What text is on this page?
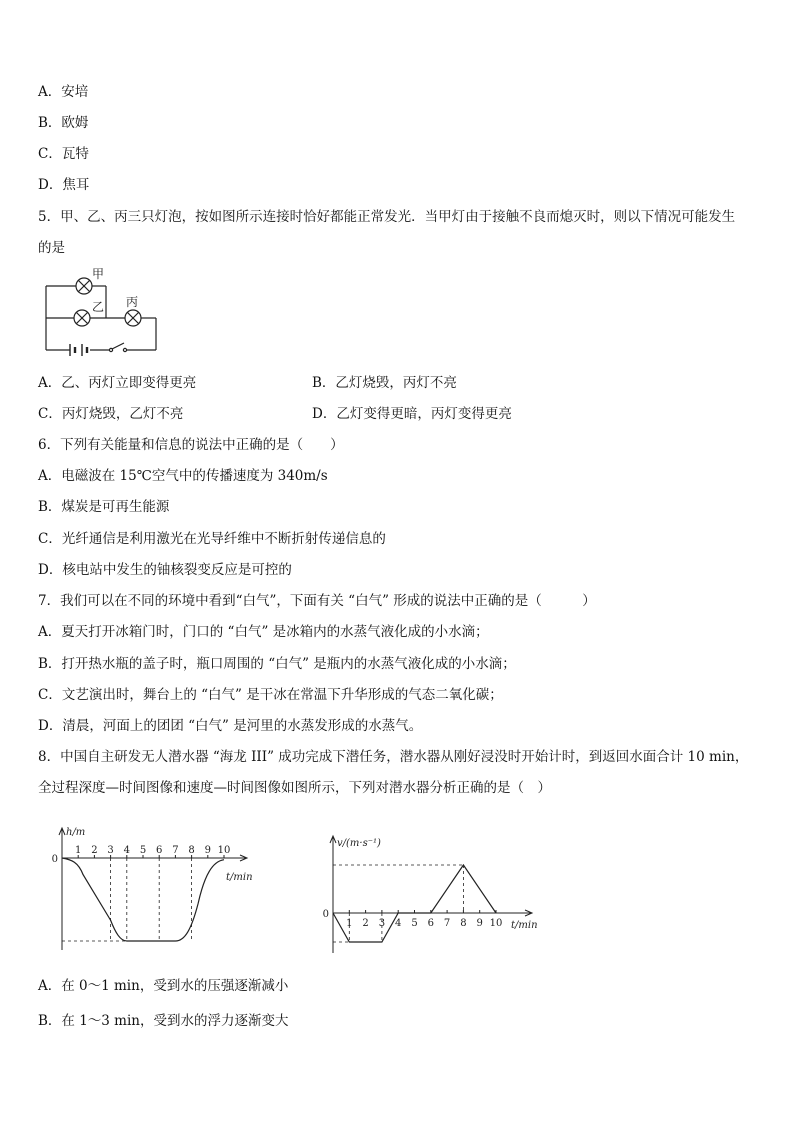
A．安培
B．欧姆
C．瓦特
D．焦耳
5．甲、乙、丙三只灯泡，按如图所示连接时恰好都能正常发光．当甲灯由于接触不良而熄灭时，则以下情况可能发生
的是
甲
乙 丙
A．乙、丙灯立即变得更亮	B．乙灯烧毁，丙灯不亮
C．丙灯烧毁，乙灯不亮	D．乙灯变得更暗，丙灯变得更亮
6．下列有关能量和信息的说法中正确的是（　　）
A．电磁波在 15℃空气中的传播速度为 340m/s
B．煤炭是可再生能源
C．光纤通信是利用激光在光导纤维中不断折射传递信息的
D．核电站中发生的铀核裂变反应是可控的
7．我们可以在不同的环境中看到“白气”，下面有关 “白气” 形成的说法中正确的是（　　　）
A．夏天打开冰箱门时，门口的 “白气” 是冰箱内的水蒸气液化成的小水滴；
B．打开热水瓶的盖子时，瓶口周围的 “白气” 是瓶内的水蒸气液化成的小水滴；
C．文艺演出时，舞台上的 “白气” 是干冰在常温下升华形成的气态二氧化碳；
D．清晨，河面上的团团 “白气” 是河里的水蒸发形成的水蒸气。
8．中国自主研发无人潜水器 “海龙 III” 成功完成下潜任务，潜水器从刚好浸没时开始计时，到返回水面合计 10 min，
全过程深度—时间图像和速度—时间图像如图所示，下列对潜水器分析正确的是（　）
1 2 3 4 5 6 7 8 9 10
0
h/m
t/min
1 2 3 4 5 6 7 8 9 10
0
v/(m·s⁻¹)
t/min
A．在 0～1 min，受到水的压强逐渐减小
B．在 1～3 min，受到水的浮力逐渐变大
